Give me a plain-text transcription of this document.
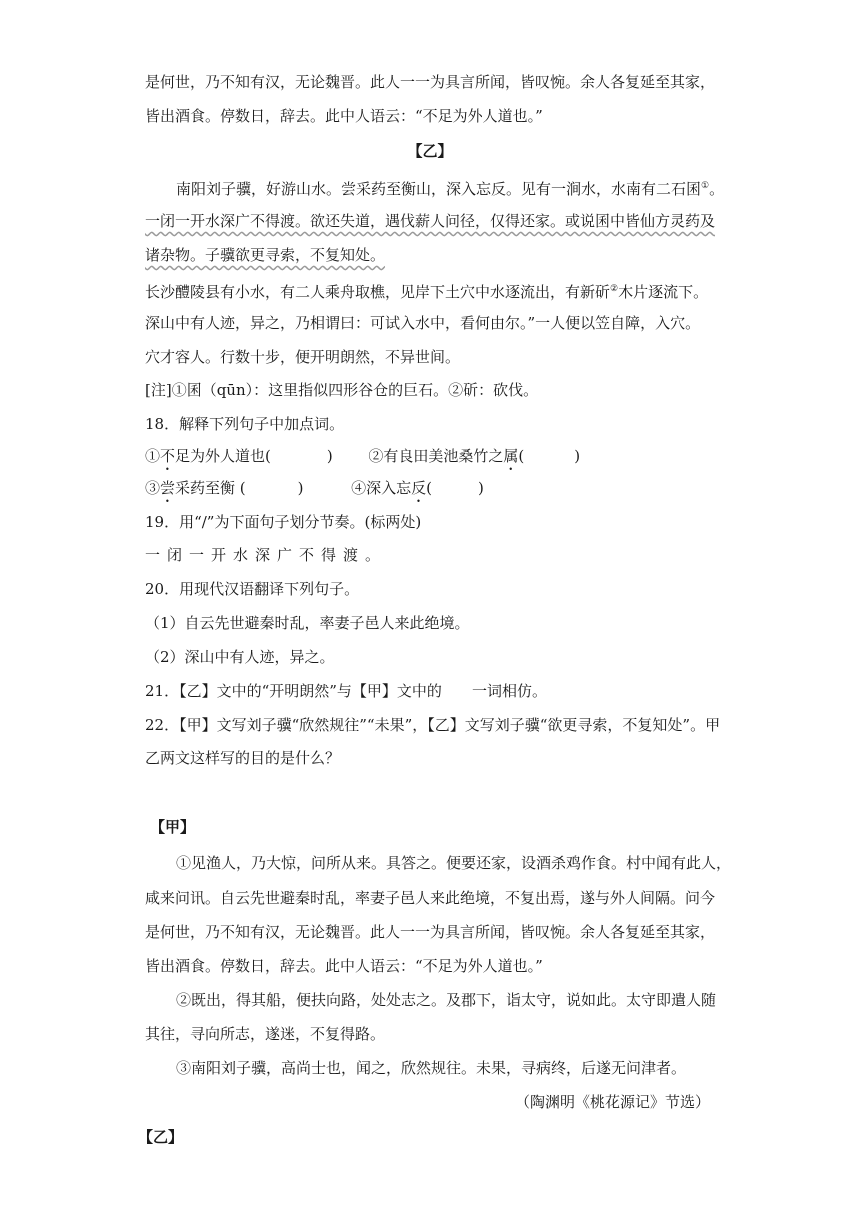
是何世，乃不知有汉，无论魏晋。此人一一为具言所闻，皆叹惋。余人各复延至其家，
皆出酒食。停数日，辞去。此中人语云：“不足为外人道也。”
【乙】
南阳刘子骥，好游山水。尝采药至衡山，深入忘反。见有一涧水，水南有二石囷①。
一闭一开水深广不得渡。欲还失道，遇伐薪人问径，仅得还家。或说囷中皆仙方灵药及
诸杂物。子骥欲更寻索，不复知处。
长沙醴陵县有小水，有二人乘舟取樵，见岸下土穴中水逐流出，有新斫②木片逐流下。
深山中有人迹，异之，乃相谓曰：可试入水中，看何由尔。”一人便以笠自障，入穴。
穴才容人。行数十步，便开明朗然，不异世间。
[注]①囷（qūn）：这里指似四形谷仓的巨石。②斫：砍伐。
18．解释下列句子中加点词。
①不足为外人道也(	) ②有良田美池桑竹之属(	)
③尝采药至衡 (	)	④深入忘反(	)
19．用“/”为下面句子划分节奏。(标两处)
一闭一开水深广不得渡。
20．用现代汉语翻译下列句子。
（1）自云先世避秦时乱，率妻子邑人来此绝境。
（2）深山中有人迹，异之。
21．【乙】文中的“开明朗然”与【甲】文中的 一词相仿。
22．【甲】文写刘子骥“欣然规往”“未果”，【乙】文写刘子骥“欲更寻索，不复知处”。甲
乙两文这样写的目的是什么？
【甲】
①见渔人，乃大惊，问所从来。具答之。便要还家，设酒杀鸡作食。村中闻有此人，
咸来问讯。自云先世避秦时乱，率妻子邑人来此绝境，不复出焉，遂与外人间隔。问今
是何世，乃不知有汉，无论魏晋。此人一一为具言所闻，皆叹惋。余人各复延至其家，
皆出酒食。停数日，辞去。此中人语云：“不足为外人道也。”
②既出，得其船，便扶向路，处处志之。及郡下，诣太守，说如此。太守即遣人随
其往，寻向所志，遂迷，不复得路。
③南阳刘子骥，高尚士也，闻之，欣然规往。未果，寻病终，后遂无问津者。
（陶渊明《桃花源记》节选）
【乙】
